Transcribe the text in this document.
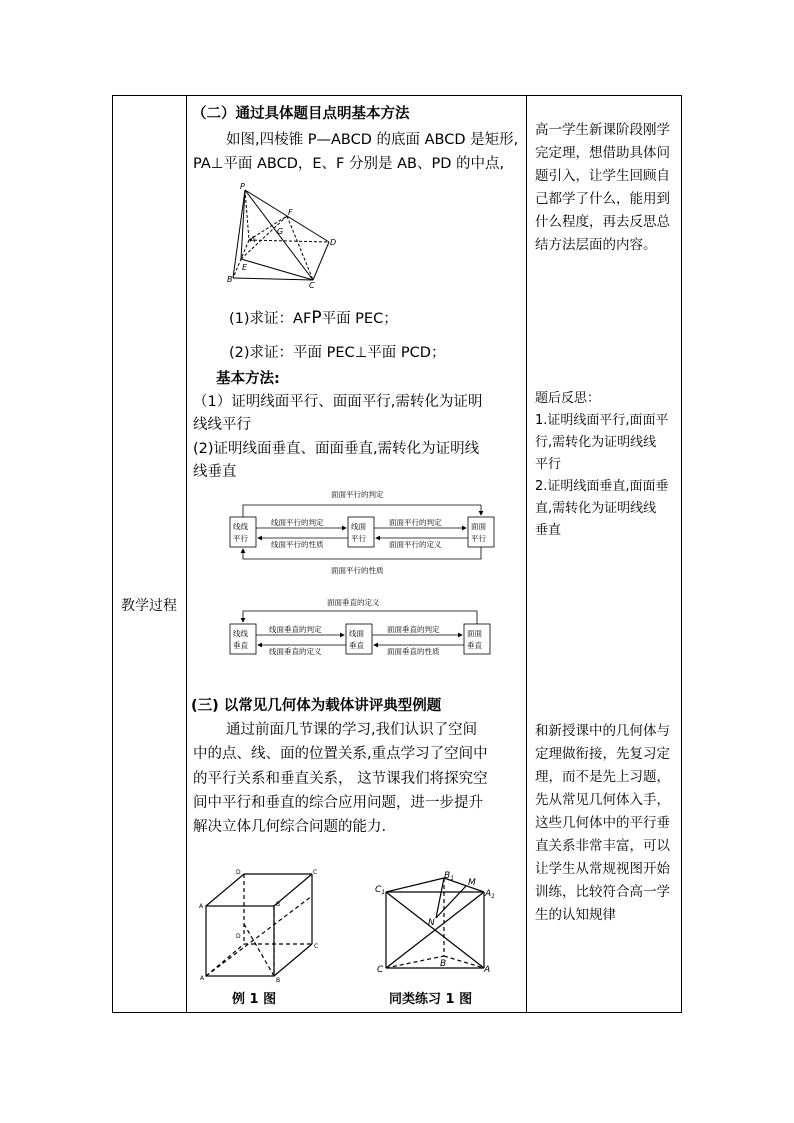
教学过程
（二）通过具体题目点明基本方法
如图,四棱锥 P—ABCD 的底面 ABCD 是矩形,
PA⊥平面 ABCD，E、F 分别是 AB、PD 的中点,
P
F
G
A	D
E
B
C
(1)求证：AFP平面 PEC；
(2)求证：平面 PEC⊥平面 PCD；
基本方法:
（1）证明线面平行、面面平行,需转化为证明
线线平行
(2)证明线面垂直、面面垂直,需转化为证明线
线垂直
面面平行的判定
面面平行的性质
线线
平行
线面
平行
面面
平行
线面平行的判定
线面平行的性质
面面平行的判定
面面平行的定义
面面垂直的定义
线线
垂直
线面
垂直
面面
垂直
线面垂直的判定
线面垂直的定义
面面垂直的判定
面面垂直的性质
(三) 以常见几何体为载体讲评典型例题
通过前面几节课的学习,我们认识了空间
中的点、线、面的位置关系,重点学习了空间中
的平行关系和垂直关系， 这节课我们将探究空
间中平行和垂直的综合应用问题，进一步提升
解决立体几何综合问题的能力.
D	C
A	B
D
C
A	B
$B_1$
$C_1$	$A_1$
M
N
C
B
A
例 1 图	同类练习 1 图
高一学生新课阶段刚学
完定理，想借助具体问
题引入，让学生回顾自
己都学了什么，能用到
什么程度，再去反思总
结方法层面的内容。
题后反思：
1.证明线面平行,面面平
行,需转化为证明线线
平行
2.证明线面垂直,面面垂
直,需转化为证明线线
垂直
和新授课中的几何体与
定理做衔接，先复习定
理，而不是先上习题，
先从常见几何体入手，
这些几何体中的平行垂
直关系非常丰富，可以
让学生从常规视图开始
训练，比较符合高一学
生的认知规律
